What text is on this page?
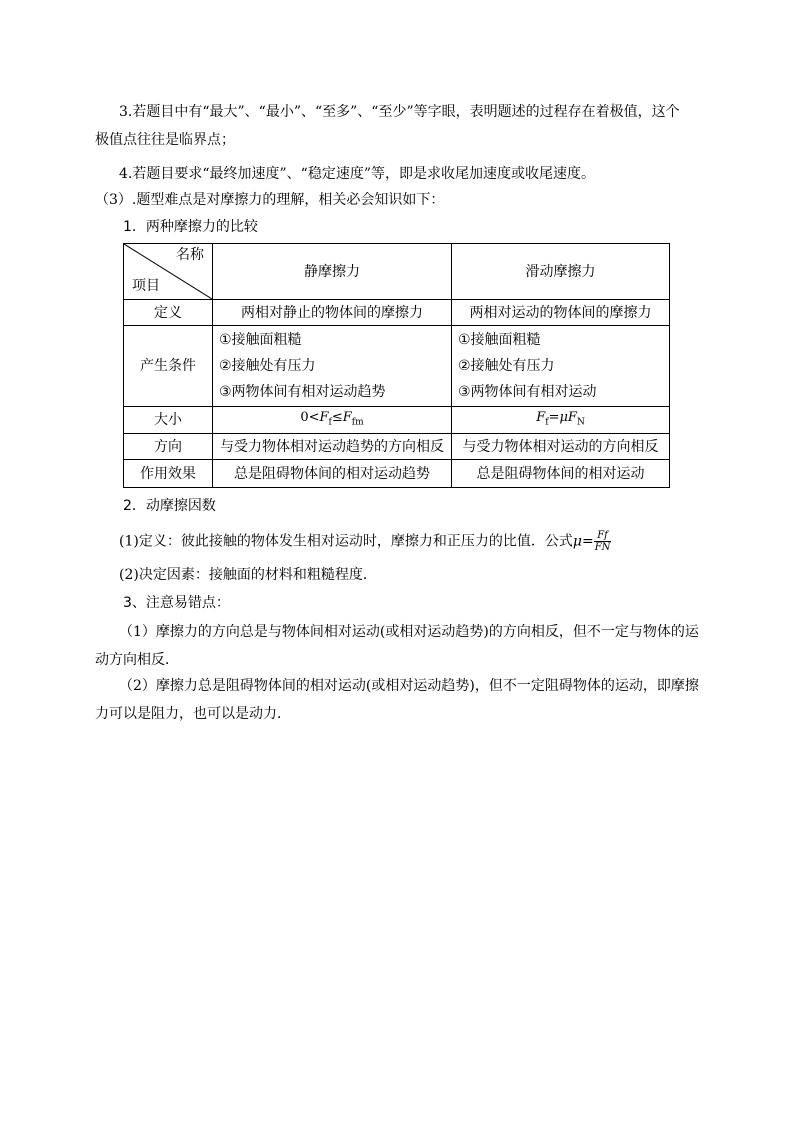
3.若题目中有“最大”、“最小”、“至多”、“至少”等字眼，表明题述的过程存在着极值，这个
极值点往往是临界点；
4.若题目要求“最终加速度”、“稳定速度”等，即是求收尾加速度或收尾速度。
（3）.题型难点是对摩擦力的理解，相关必会知识如下：
1．两种摩擦力的比较
名称
项目	静摩擦力	滑动摩擦力
定义	两相对静止的物体间的摩擦力	两相对运动的物体间的摩擦力
产生条件	①接触面粗糙
②接触处有压力
③两物体间有相对运动趋势	①接触面粗糙
②接触处有压力
③两物体间有相对运动

大小	$0<F_f\le F_{fm}$	$F_f=\mu F_N$
方向	与受力物体相对运动趋势的方向相反	与受力物体相对运动的方向相反
作用效果	总是阻碍物体间的相对运动趋势	总是阻碍物体间的相对运动
2．动摩擦因数
(1)定义：彼此接触的物体发生相对运动时，摩擦力和正压力的比值．公式$\mu= \frac{Ff}{FN}$
(2)决定因素：接触面的材料和粗糙程度．
3、注意易错点：
（1）摩擦力的方向总是与物体间相对运动(或相对运动趋势)的方向相反，但不一定与物体的运
动方向相反．
（2）摩擦力总是阻碍物体间的相对运动(或相对运动趋势)，但不一定阻碍物体的运动，即摩擦
力可以是阻力，也可以是动力．
